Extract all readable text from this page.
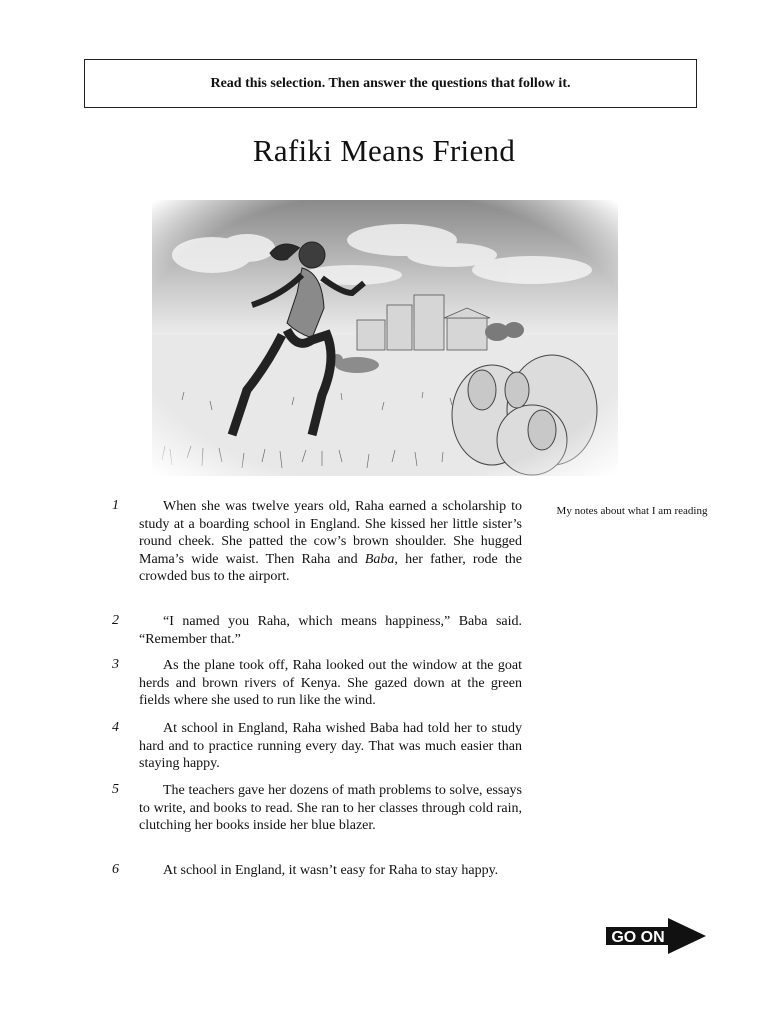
Read this selection. Then answer the questions that follow it.
Rafiki Means Friend
1	When she was twelve years old, Raha earned a scholarship to study at a boarding school in England. She kissed her little sister’s round cheek. She patted the cow’s brown shoulder. She hugged Mama’s wide waist. Then Raha and Baba, her father, rode the crowded bus to the airport.
2	“I named you Raha, which means happiness,” Baba said. “Remember that.”
3	As the plane took off, Raha looked out the window at the goat herds and brown rivers of Kenya. She gazed down at the green fields where she used to run like the wind.
4	At school in England, Raha wished Baba had told her to study hard and to practice running every day. That was much easier than staying happy.
5	The teachers gave her dozens of math problems to solve, essays to write, and books to read. She ran to her classes through cold rain, clutching her books inside her blue blazer.
6	At school in England, it wasn’t easy for Raha to stay happy.
My notes about what I am reading
GO ON
